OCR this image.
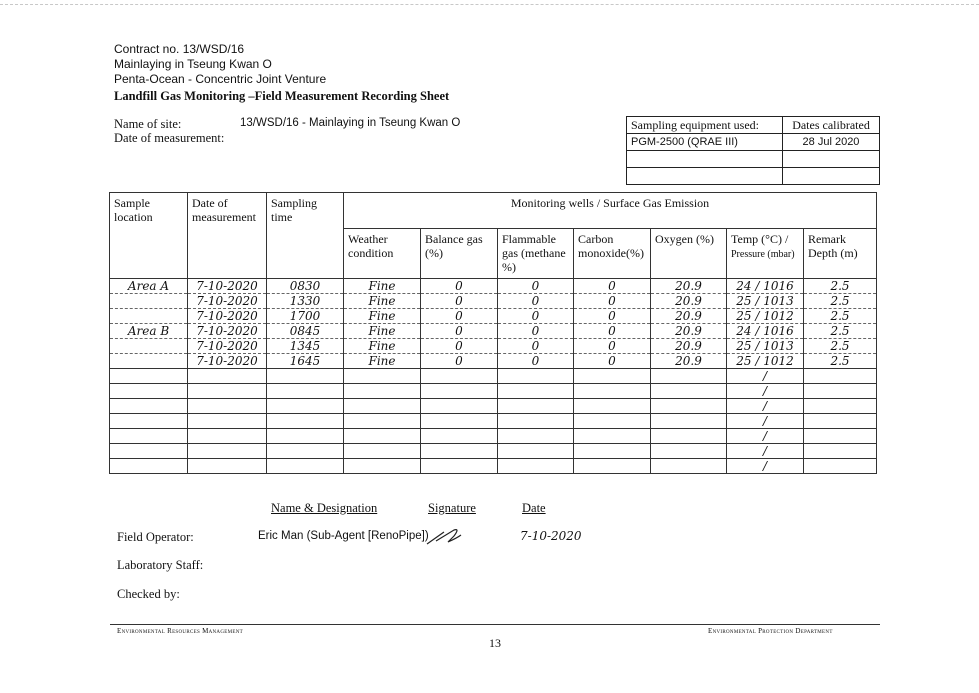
Contract no. 13/WSD/16
Mainlaying in Tseung Kwan O
Penta-Ocean - Concentric Joint Venture
Landfill Gas Monitoring –Field Measurement Recording Sheet
Name of site:	13/WSD/16 - Mainlaying in Tseung Kwan O
Date of measurement:
Sampling equipment used:	Dates calibrated
PGM-2500 (QRAE III)	28 Jul 2020

Sample location	Date of measurement	Sampling time	Monitoring wells / Surface Gas Emission						
			Weather condition	Balance gas (%)	Flammable gas (methane %)	Carbon monoxide(%)	Oxygen (%)	Temp (°C) /
Pressure (mbar)	Remark Depth (m)
Area A	7-10-2020	0830	Fine	0	0	0	20.9	24 / 1016	2.5
	7-10-2020	1330	Fine	0	0	0	20.9	25 / 1013	2.5
	7-10-2020	1700	Fine	0	0	0	20.9	25 / 1012	2.5
Area B	7-10-2020	0845	Fine	0	0	0	20.9	24 / 1016	2.5
	7-10-2020	1345	Fine	0	0	0	20.9	25 / 1013	2.5
	7-10-2020	1645	Fine	0	0	0	20.9	25 / 1012	2.5
								/	
								/	
								/	
								/	
								/	
								/	
								/	
Name & Designation	Signature	Date
Field Operator:	Eric Man (Sub-Agent [RenoPipe])	7-10-2020
Laboratory Staff:
Checked by:
Environmental Resources Management	Environmental Protection Department
13
